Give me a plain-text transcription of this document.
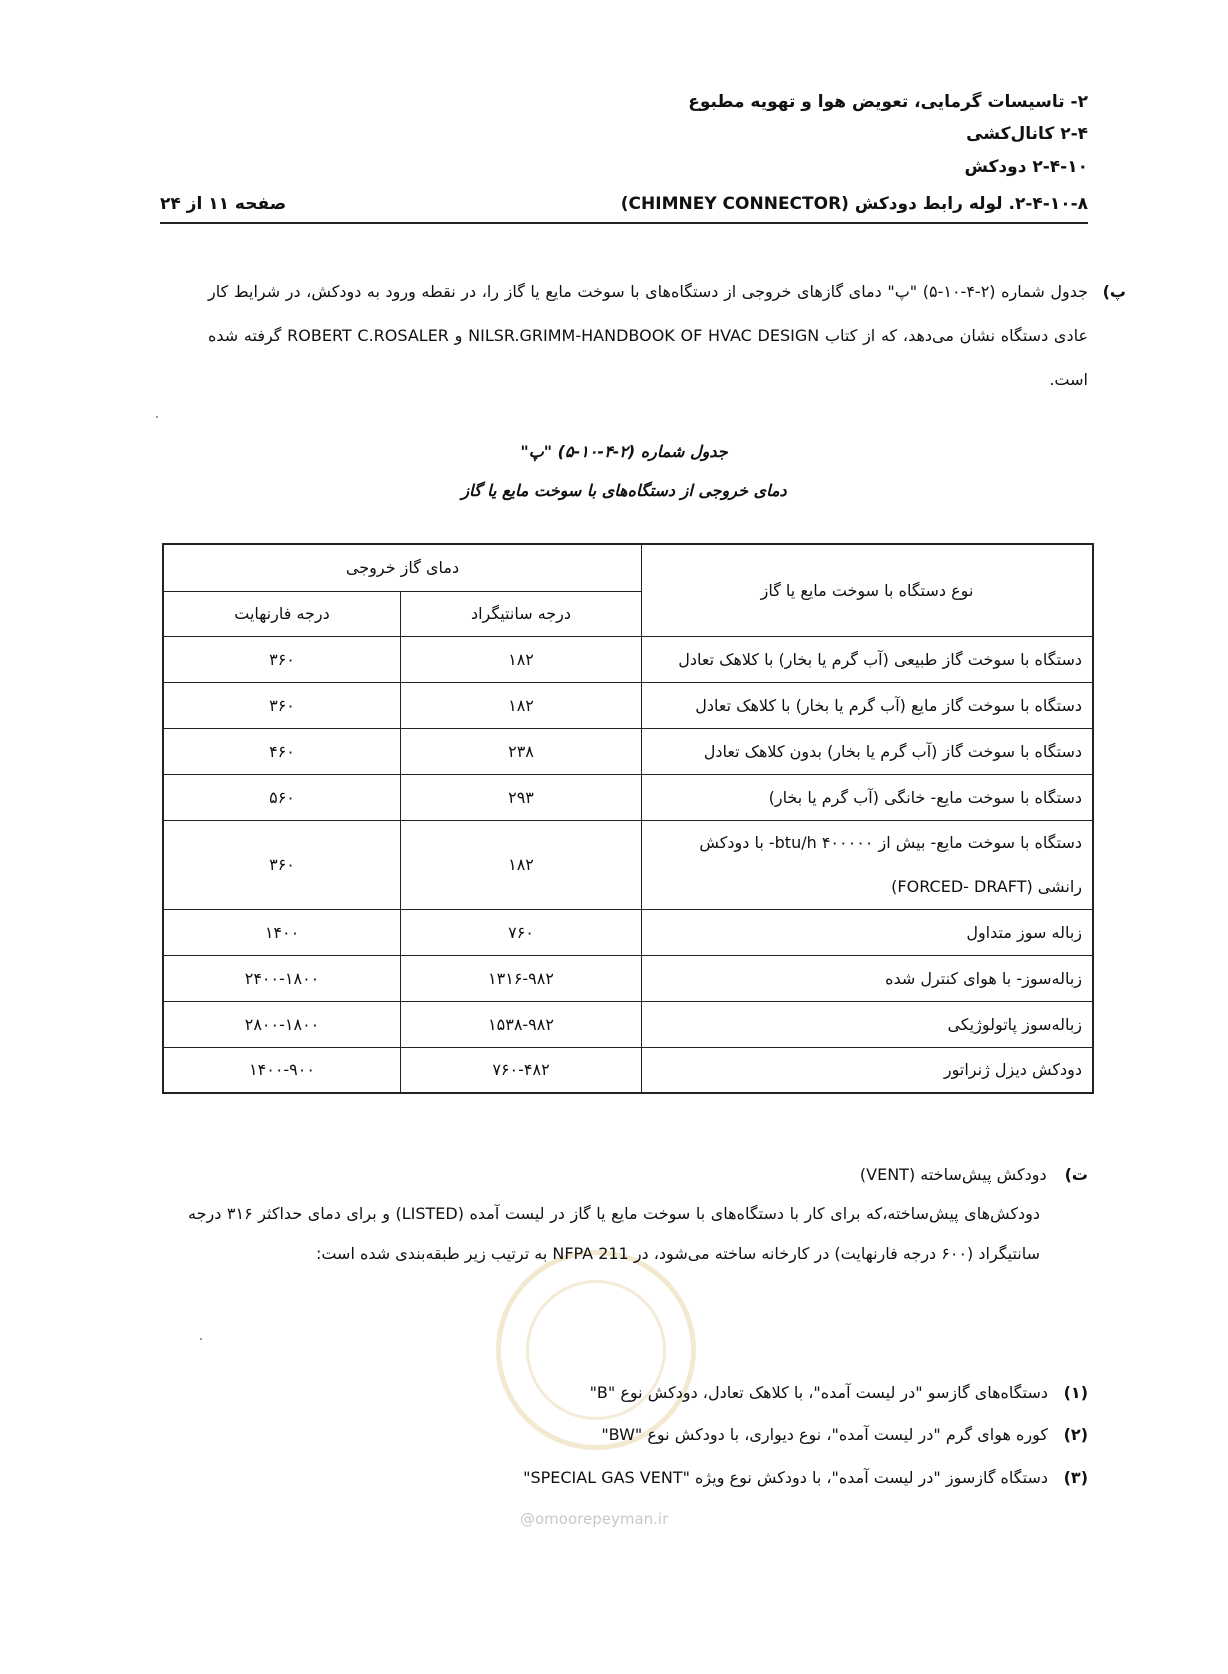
۲- تاسیسات گرمایی، تعویض هوا و تهویه مطبوع
۲-۴ کانال‌کشی
۲-۴-۱۰ دودکش
۲-۴-۱۰-۸. لوله رابط دودکش (CHIMNEY CONNECTOR)
صفحه ۱۱ از ۲۴
پ)
جدول شماره (۲-۴-۱۰-۵) "پ" دمای گازهای خروجی از دستگاه‌های با سوخت مایع یا گاز را، در نقطه ورود به دودکش، در شرایط کار عادی دستگاه نشان می‌دهد، که از کتاب NILSR.GRIMM-HANDBOOK OF HVAC DESIGN و ROBERT C.ROSALER گرفته شده است.
جدول شماره (۲-۴-۱۰-۵) "پ"
دمای خروجی از دستگاه‌های با سوخت مایع یا گاز
نوع دستگاه با سوخت مایع یا گاز	دمای گاز خروجی	
	درجه سانتیگراد	درجه فارنهایت
دستگاه با سوخت گاز طبیعی (آب گرم یا بخار) با کلاهک تعادل	۱۸۲	۳۶۰
دستگاه با سوخت گاز مایع (آب گرم یا بخار) با کلاهک تعادل	۱۸۲	۳۶۰
دستگاه با سوخت گاز (آب گرم یا بخار) بدون کلاهک تعادل	۲۳۸	۴۶۰
دستگاه با سوخت مایع- خانگی (آب گرم یا بخار)	۲۹۳	۵۶۰
دستگاه با سوخت مایع- بیش از btu/h ۴۰۰۰۰۰- با دودکش رانشی (FORCED- DRAFT)	۱۸۲	۳۶۰
زباله سوز متداول	۷۶۰	۱۴۰۰
زباله‌سوز- با هوای کنترل شده	۱۳۱۶-۹۸۲	۲۴۰۰-۱۸۰۰
زباله‌سوز پاتولوژیکی	۱۵۳۸-۹۸۲	۲۸۰۰-۱۸۰۰
دودکش دیزل ژنراتور	۷۶۰-۴۸۲	۱۴۰۰-۹۰۰
ت)دودکش پیش‌ساخته (VENT)
دودکش‌های پیش‌ساخته،که برای کار با دستگاه‌های با سوخت مایع یا گاز در لیست آمده (LISTED) و برای دمای حداکثر ۳۱۶ درجه سانتیگراد (۶۰۰ درجه فارنهایت) در کارخانه ساخته می‌شود، در NFPA 211 به ترتیب زیر طبقه‌بندی شده است:
(۱)دستگاه‌های گازسو "در لیست آمده"، با کلاهک تعادل، دودکش نوع "B"
(۲)کوره هوای گرم "در لیست آمده"، نوع دیواری، با دودکش نوع "BW"
(۳)دستگاه گازسوز "در لیست آمده"، با دودکش نوع ویژه "SPECIAL GAS VENT"
@omoorepeyman.ir
